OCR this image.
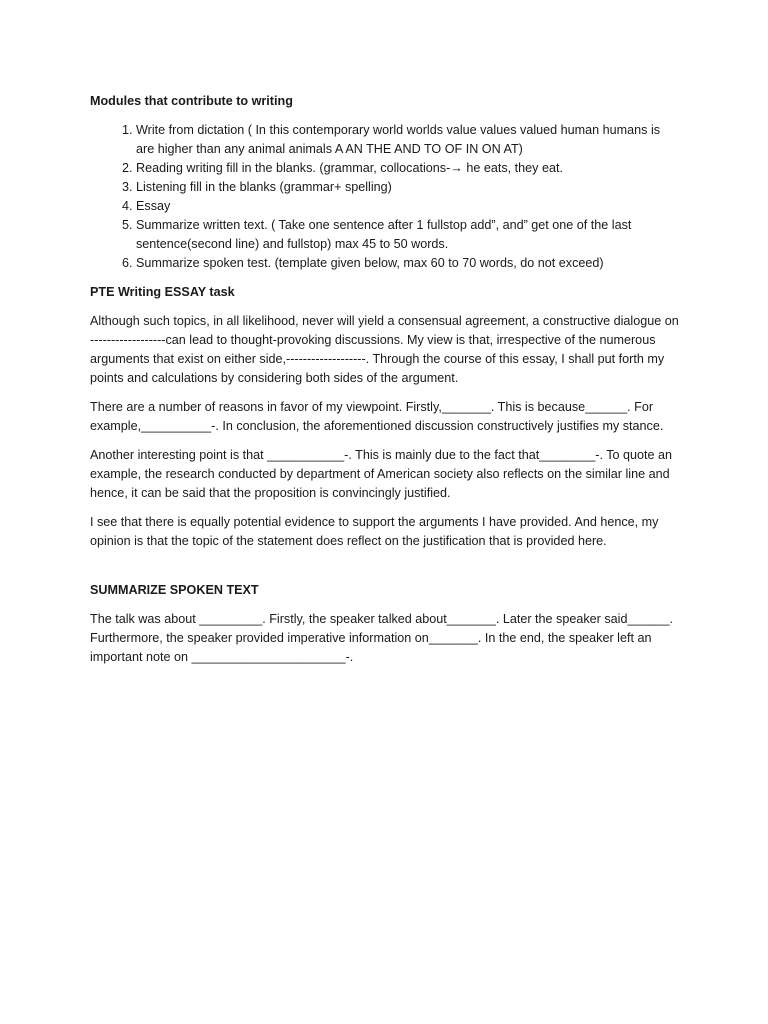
Modules that contribute to writing
1. Write from dictation ( In this contemporary world worlds value values valued human humans is are higher than any animal animals A AN THE AND TO OF IN ON AT)
2. Reading writing fill in the blanks. (grammar, collocations-→ he eats, they eat.
3. Listening fill in the blanks (grammar+ spelling)
4. Essay
5. Summarize written text. ( Take one sentence after 1 fullstop add”, and” get one of the last sentence(second line) and fullstop) max 45 to 50 words.
6. Summarize spoken test. (template given below, max 60 to 70 words, do not exceed)
PTE Writing ESSAY task

Although such topics, in all likelihood, never will yield a consensual agreement, a constructive dialogue on ------------------can lead to thought-provoking discussions. My view is that, irrespective of the numerous arguments that exist on either side,-------------------. Through the course of this essay, I shall put forth my points and calculations by considering both sides of the argument.

There are a number of reasons in favor of my viewpoint. Firstly,_______. This is because______. For example,__________-. In conclusion, the aforementioned discussion constructively justifies my stance.

Another interesting point is that ___________-. This is mainly due to the fact that________-. To quote an example, the research conducted by department of American society also reflects on the similar line and hence, it can be said that the proposition is convincingly justified.

I see that there is equally potential evidence to support the arguments I have provided. And hence, my opinion is that the topic of the statement does reflect on the justification that is provided here.

SUMMARIZE SPOKEN TEXT

The talk was about _________. Firstly, the speaker talked about_______. Later the speaker said______. Furthermore, the speaker provided imperative information on_______. In the end, the speaker left an important note on ______________________-.
